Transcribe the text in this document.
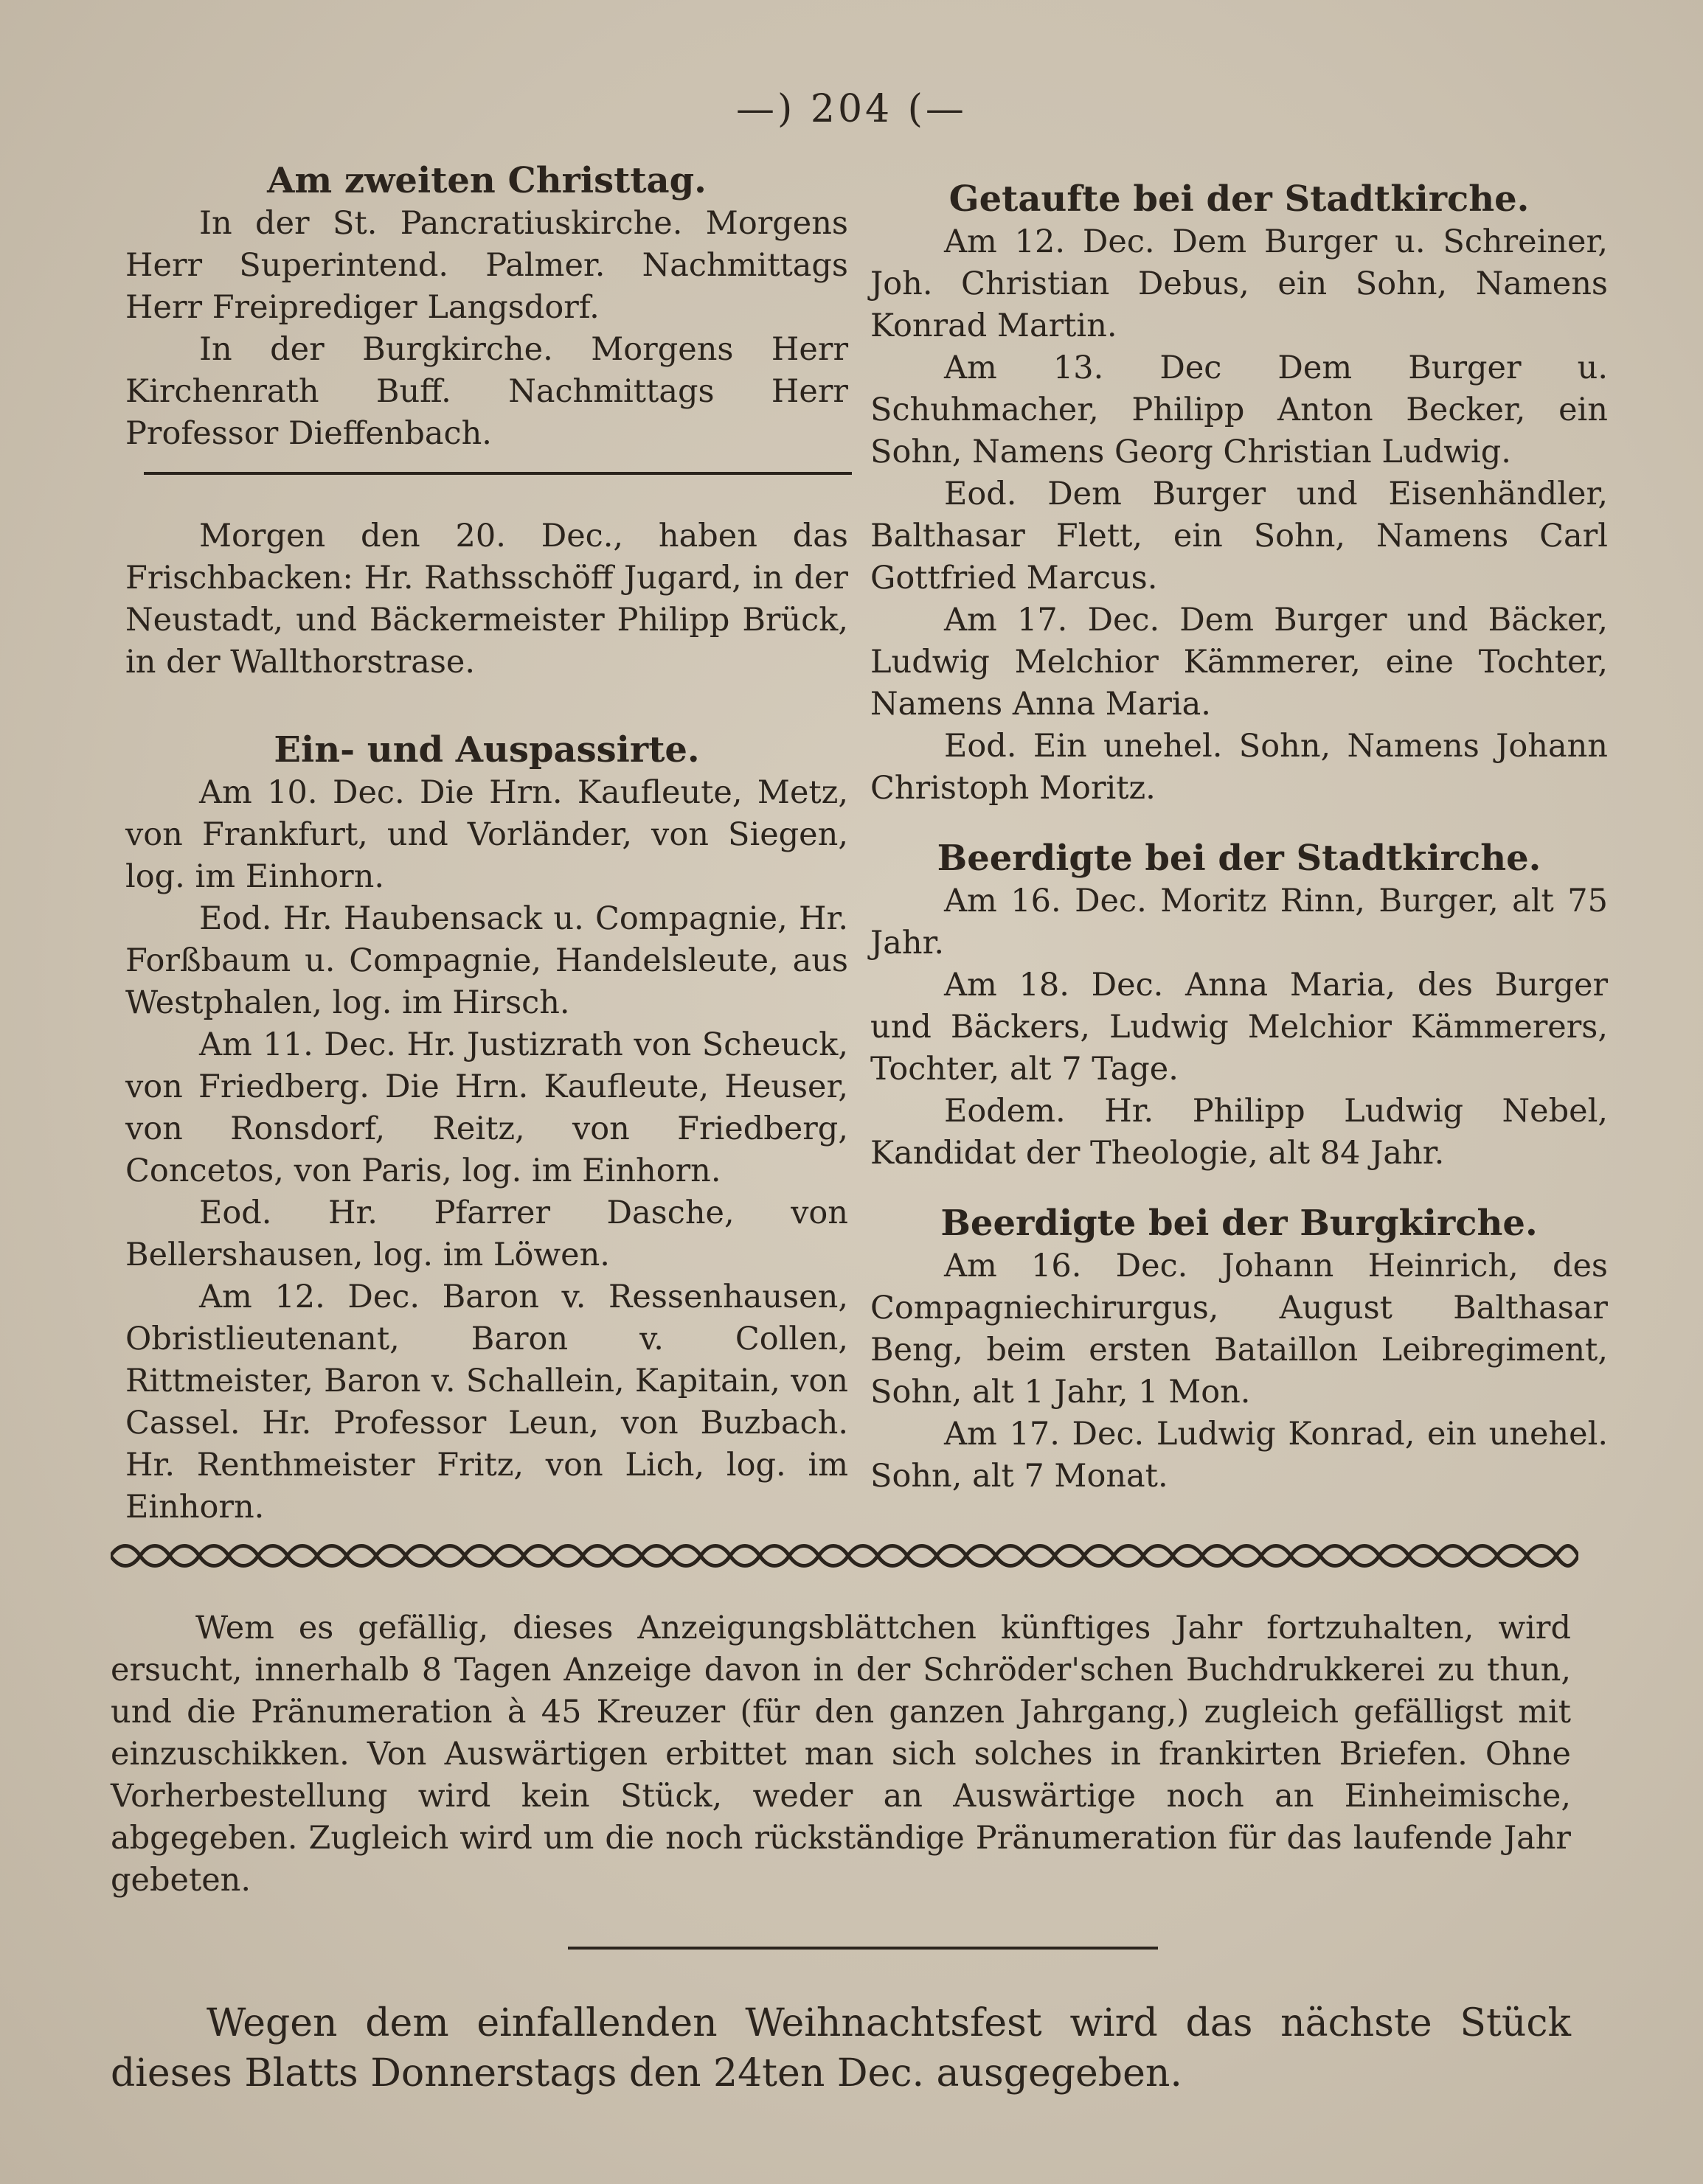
—) 204 (—
Am zweiten Christtag.

In der St. Pancratiuskirche. Morgens Herr Superintend. Palmer. Nachmittags Herr Freiprediger Langsdorf.

In der Burgkirche. Morgens Herr Kirchenrath Buff. Nachmittags Herr Professor Dieffenbach.

Morgen den 20. Dec., haben das Frischbacken: Hr. Rathsschöff Jugard, in der Neustadt, und Bäckermeister Philipp Brück, in der Wallthorstrase.

Ein- und Auspassirte.

Am 10. Dec. Die Hrn. Kaufleute, Metz, von Frankfurt, und Vorländer, von Siegen, log. im Einhorn.

Eod. Hr. Haubensack u. Compagnie, Hr. Forßbaum u. Compagnie, Handelsleute, aus Westphalen, log. im Hirsch.

Am 11. Dec. Hr. Justizrath von Scheuck, von Friedberg. Die Hrn. Kaufleute, Heuser, von Ronsdorf, Reitz, von Friedberg, Concetos, von Paris, log. im Einhorn.

Eod. Hr. Pfarrer Dasche, von Bellershausen, log. im Löwen.

Am 12. Dec. Baron v. Ressenhausen, Obristlieutenant, Baron v. Collen, Rittmeister, Baron v. Schallein, Kapitain, von Cassel. Hr. Professor Leun, von Buzbach. Hr. Renthmeister Fritz, von Lich, log. im Einhorn.

Getaufte bei der Stadtkirche.

Am 12. Dec. Dem Burger u. Schreiner, Joh. Christian Debus, ein Sohn, Namens Konrad Martin.

Am 13. Dec Dem Burger u. Schuhmacher, Philipp Anton Becker, ein Sohn, Namens Georg Christian Ludwig.

Eod. Dem Burger und Eisenhändler, Balthasar Flett, ein Sohn, Namens Carl Gottfried Marcus.

Am 17. Dec. Dem Burger und Bäcker, Ludwig Melchior Kämmerer, eine Tochter, Namens Anna Maria.

Eod. Ein unehel. Sohn, Namens Johann Christoph Moritz.

Beerdigte bei der Stadtkirche.

Am 16. Dec. Moritz Rinn, Burger, alt 75 Jahr.

Am 18. Dec. Anna Maria, des Burger und Bäckers, Ludwig Melchior Kämmerers, Tochter, alt 7 Tage.

Eodem. Hr. Philipp Ludwig Nebel, Kandidat der Theologie, alt 84 Jahr.

Beerdigte bei der Burgkirche.

Am 16. Dec. Johann Heinrich, des Compagniechirurgus, August Balthasar Beng, beim ersten Bataillon Leibregiment, Sohn, alt 1 Jahr, 1 Mon.

Am 17. Dec. Ludwig Konrad, ein unehel. Sohn, alt 7 Monat.

Wem es gefällig, dieses Anzeigungsblättchen künftiges Jahr fortzuhalten, wird ersucht, innerhalb 8 Tagen Anzeige davon in der Schröder'schen Buchdrukkerei zu thun, und die Pränumeration à 45 Kreuzer (für den ganzen Jahrgang,) zugleich gefälligst mit einzuschikken. Von Auswärtigen erbittet man sich solches in frankirten Briefen. Ohne Vorherbestellung wird kein Stück, weder an Auswärtige noch an Einheimische, abgegeben. Zugleich wird um die noch rückständige Pränumeration für das laufende Jahr gebeten.

Wegen dem einfallenden Weihnachtsfest wird das nächste Stück dieses Blatts Donnerstags den 24ten Dec. ausgegeben.
